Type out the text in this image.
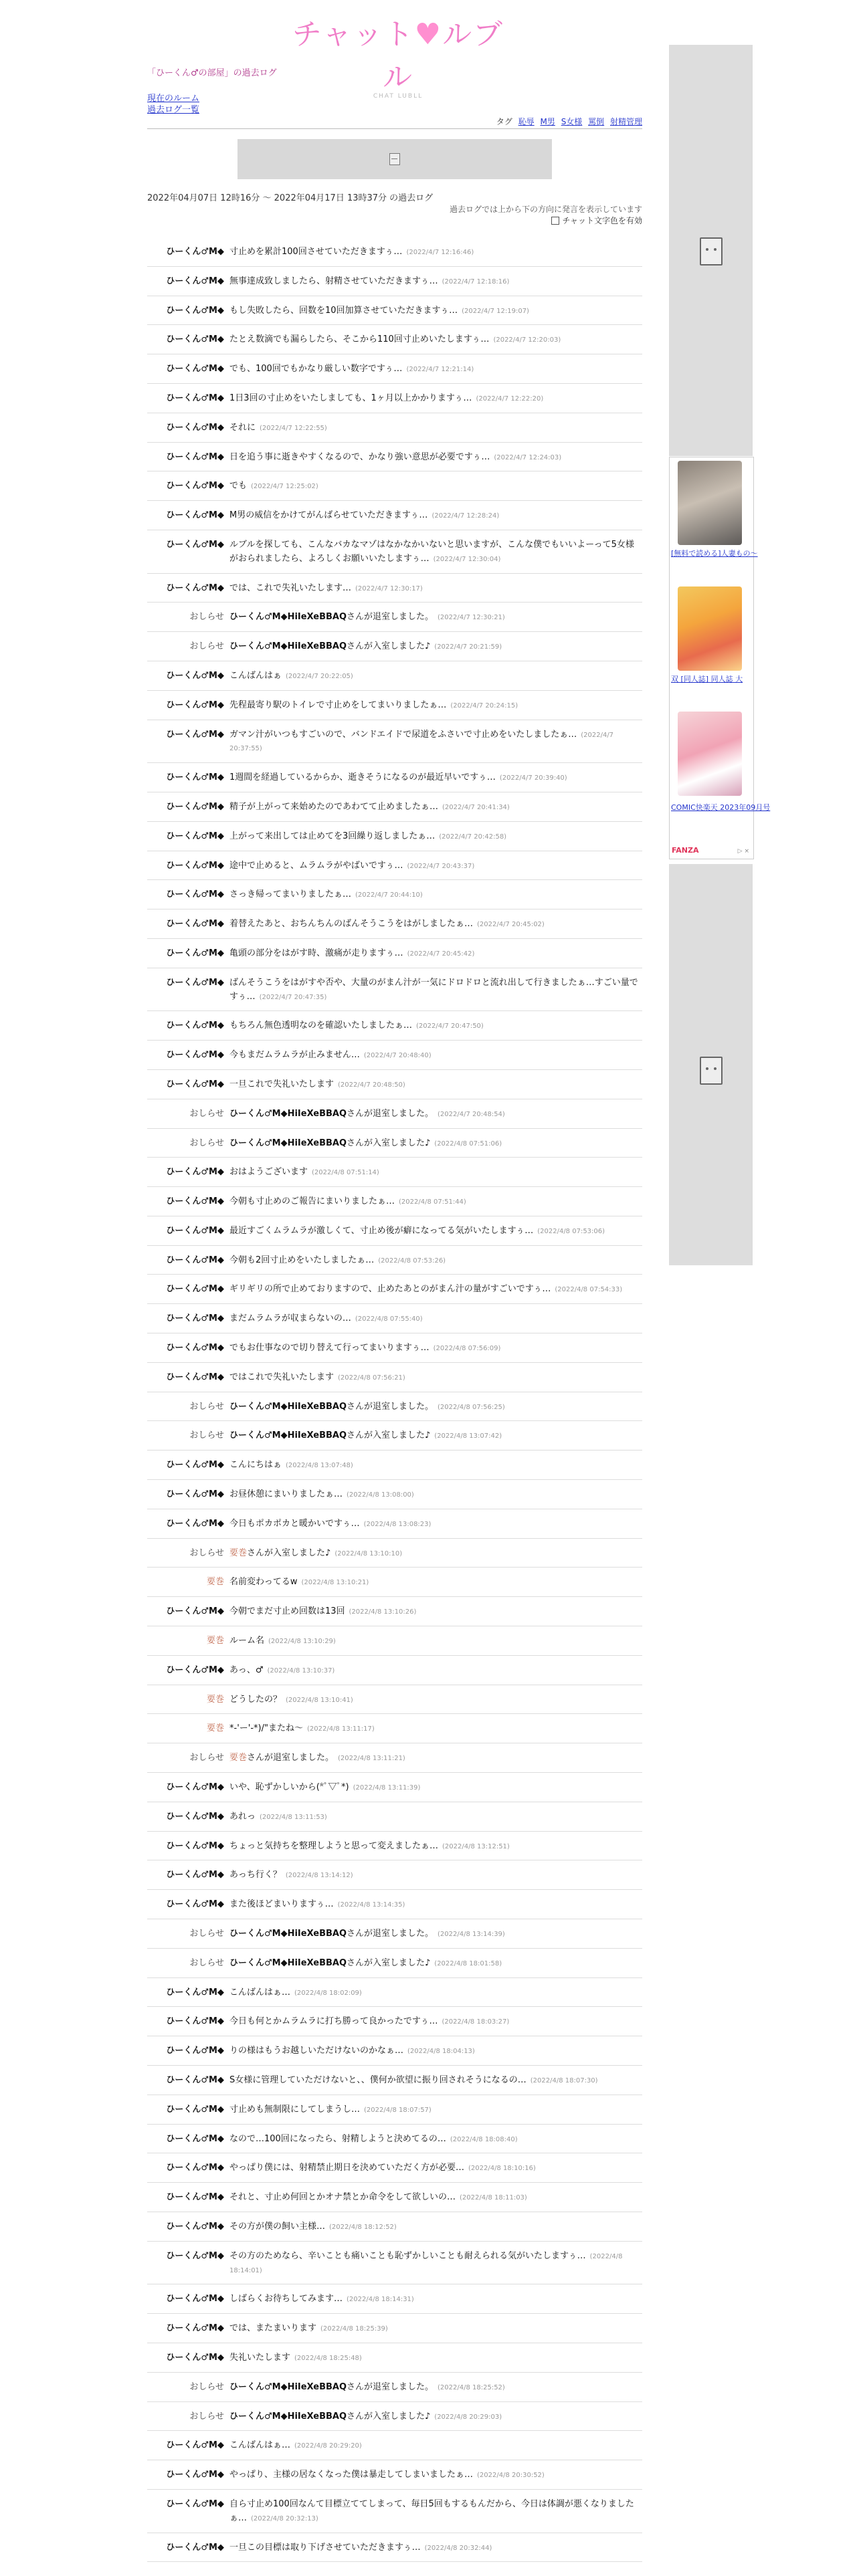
チャット♥ルブル
CHAT LUBLL
「ひーくん♂の部屋」の過去ログ
現在のルーム
過去ログ一覧
タグ 恥辱 M男 S女様 罵倒 射精管理
2022年04月07日 12時16分 ～ 2022年04月17日 13時37分 の過去ログ
過去ログでは上から下の方向に発言を表示しています
チャット文字色を有効
ひーくん♂M◆ 寸止めを累計100回させていただきますぅ… (2022/4/7 12:16:46)
ひーくん♂M◆ 無事達成致しましたら、射精させていただきますぅ… (2022/4/7 12:18:16)
ひーくん♂M◆ もし失敗したら、回数を10回加算させていただきますぅ… (2022/4/7 12:19:07)
ひーくん♂M◆ たとえ数滴でも漏らしたら、そこから110回寸止めいたしますぅ… (2022/4/7 12:20:03)
ひーくん♂M◆ でも、100回でもかなり厳しい数字ですぅ… (2022/4/7 12:21:14)
ひーくん♂M◆ 1日3回の寸止めをいたしましても、1ヶ月以上かかりますぅ… (2022/4/7 12:22:20)
ひーくん♂M◆ それに (2022/4/7 12:22:55)
ひーくん♂M◆ 日を追う事に逝きやすくなるので、かなり強い意思が必要ですぅ… (2022/4/7 12:24:03)
ひーくん♂M◆ でも (2022/4/7 12:25:02)
ひーくん♂M◆ M男の威信をかけてがんばらせていただきますぅ… (2022/4/7 12:28:24)
ひーくん♂M◆ ルブルを探しても、こんなバカなマゾはなかなかいないと思いますが、こんな僕でもいいよーって5女様がおられましたら、よろしくお願いいたしますぅ… (2022/4/7 12:30:04)
ひーくん♂M◆ では、これで失礼いたします… (2022/4/7 12:30:17)
おしらせ ひーくん♂M◆HiIeXeBBAQさんが退室しました。 (2022/4/7 12:30:21)
おしらせ ひーくん♂M◆HiIeXeBBAQさんが入室しました♪ (2022/4/7 20:21:59)
ひーくん♂M◆ こんばんはぁ (2022/4/7 20:22:05)
ひーくん♂M◆ 先程最寄り駅のトイレで寸止めをしてまいりましたぁ… (2022/4/7 20:24:15)
ひーくん♂M◆ ガマン汁がいつもすごいので、バンドエイドで尿道をふさいで寸止めをいたしましたぁ… (2022/4/7 20:37:55)
ひーくん♂M◆ 1週間を経過しているからか、逝きそうになるのが最近早いですぅ… (2022/4/7 20:39:40)
ひーくん♂M◆ 精子が上がって来始めたのであわてて止めましたぁ… (2022/4/7 20:41:34)
ひーくん♂M◆ 上がって来出しては止めてを3回繰り返しましたぁ… (2022/4/7 20:42:58)
ひーくん♂M◆ 途中で止めると、ムラムラがやばいですぅ… (2022/4/7 20:43:37)
ひーくん♂M◆ さっき帰ってまいりましたぁ… (2022/4/7 20:44:10)
ひーくん♂M◆ 着替えたあと、おちんちんのばんそうこうをはがしましたぁ… (2022/4/7 20:45:02)
ひーくん♂M◆ 亀頭の部分をはがす時、激痛が走りますぅ… (2022/4/7 20:45:42)
ひーくん♂M◆ ばんそうこうをはがすや否や、大量のがまん汁が一気にドロドロと流れ出して行きましたぁ…すごい量ですぅ… (2022/4/7 20:47:35)
ひーくん♂M◆ もちろん無色透明なのを確認いたしましたぁ… (2022/4/7 20:47:50)
ひーくん♂M◆ 今もまだムラムラが止みません… (2022/4/7 20:48:40)
ひーくん♂M◆ 一旦これで失礼いたします (2022/4/7 20:48:50)
おしらせ ひーくん♂M◆HiIeXeBBAQさんが退室しました。 (2022/4/7 20:48:54)
おしらせ ひーくん♂M◆HiIeXeBBAQさんが入室しました♪ (2022/4/8 07:51:06)
ひーくん♂M◆ おはようございます (2022/4/8 07:51:14)
ひーくん♂M◆ 今朝も寸止めのご報告にまいりましたぁ… (2022/4/8 07:51:44)
ひーくん♂M◆ 最近すごくムラムラが激しくて、寸止め後が癖になってる気がいたしますぅ… (2022/4/8 07:53:06)
ひーくん♂M◆ 今朝も2回寸止めをいたしましたぁ… (2022/4/8 07:53:26)
ひーくん♂M◆ ギリギリの所で止めておりますので、止めたあとのがまん汁の量がすごいですぅ… (2022/4/8 07:54:33)
ひーくん♂M◆ まだムラムラが収まらないの… (2022/4/8 07:55:40)
ひーくん♂M◆ でもお仕事なので切り替えて行ってまいりますぅ… (2022/4/8 07:56:09)
ひーくん♂M◆ ではこれで失礼いたします (2022/4/8 07:56:21)
おしらせ ひーくん♂M◆HiIeXeBBAQさんが退室しました。 (2022/4/8 07:56:25)
おしらせ ひーくん♂M◆HiIeXeBBAQさんが入室しました♪ (2022/4/8 13:07:42)
ひーくん♂M◆ こんにちはぁ (2022/4/8 13:07:48)
ひーくん♂M◆ お昼休憩にまいりましたぁ… (2022/4/8 13:08:00)
ひーくん♂M◆ 今日もポカポカと暖かいですぅ… (2022/4/8 13:08:23)
おしらせ 要巻さんが入室しました♪ (2022/4/8 13:10:10)
要巻 名前変わってるw (2022/4/8 13:10:21)
ひーくん♂M◆ 今朝でまだ寸止め回数は13回 (2022/4/8 13:10:26)
要巻 ルーム名 (2022/4/8 13:10:29)
ひーくん♂M◆ あっ、♂ (2022/4/8 13:10:37)
要巻 どうしたの？ (2022/4/8 13:10:41)
要巻 *-'ー'-*)/"またね〜 (2022/4/8 13:11:17)
おしらせ 要巻さんが退室しました。 (2022/4/8 13:11:21)
ひーくん♂M◆ いや、恥ずかしいから(*ﾟ▽ﾟ*) (2022/4/8 13:11:39)
ひーくん♂M◆ あれっ (2022/4/8 13:11:53)
ひーくん♂M◆ ちょっと気持ちを整理しようと思って変えましたぁ… (2022/4/8 13:12:51)
ひーくん♂M◆ あっち行く？ (2022/4/8 13:14:12)
ひーくん♂M◆ また後ほどまいりますぅ… (2022/4/8 13:14:35)
おしらせ ひーくん♂M◆HiIeXeBBAQさんが退室しました。 (2022/4/8 13:14:39)
おしらせ ひーくん♂M◆HiIeXeBBAQさんが入室しました♪ (2022/4/8 18:01:58)
ひーくん♂M◆ こんばんはぁ… (2022/4/8 18:02:09)
ひーくん♂M◆ 今日も何とかムラムラに打ち勝って良かったですぅ… (2022/4/8 18:03:27)
ひーくん♂M◆ りの様はもうお越しいただけないのかなぁ… (2022/4/8 18:04:13)
ひーくん♂M◆ S女様に管理していただけないと、、僕何か欲望に振り回されそうになるの… (2022/4/8 18:07:30)
ひーくん♂M◆ 寸止めも無制限にしてしまうし… (2022/4/8 18:07:57)
ひーくん♂M◆ なので…100回になったら、射精しようと決めてるの… (2022/4/8 18:08:40)
ひーくん♂M◆ やっぱり僕には、射精禁止期日を決めていただく方が必要… (2022/4/8 18:10:16)
ひーくん♂M◆ それと、寸止め何回とかオナ禁とか命令をして欲しいの… (2022/4/8 18:11:03)
ひーくん♂M◆ その方が僕の飼い主様… (2022/4/8 18:12:52)
ひーくん♂M◆ その方のためなら、辛いことも痛いことも恥ずかしいことも耐えられる気がいたしますぅ… (2022/4/8 18:14:01)
ひーくん♂M◆ しばらくお待ちしてみます… (2022/4/8 18:14:31)
ひーくん♂M◆ では、またまいります (2022/4/8 18:25:39)
ひーくん♂M◆ 失礼いたします (2022/4/8 18:25:48)
おしらせ ひーくん♂M◆HiIeXeBBAQさんが退室しました。 (2022/4/8 18:25:52)
おしらせ ひーくん♂M◆HiIeXeBBAQさんが入室しました♪ (2022/4/8 20:29:03)
ひーくん♂M◆ こんばんはぁ… (2022/4/8 20:29:20)
ひーくん♂M◆ やっぱり、主様の居なくなった僕は暴走してしまいましたぁ… (2022/4/8 20:30:52)
ひーくん♂M◆ 自ら寸止め100回なんて目標立ててしまって、毎日5回もするもんだから、今日は体調が悪くなりましたぁ… (2022/4/8 20:32:13)
ひーくん♂M◆ 一旦この目標は取り下げさせていただきますぅ… (2022/4/8 20:32:44)
[無料で読める]人妻もの〜
双 [同人誌] 同人誌 大
COMIC快楽天 2023年09月号
FANZA	▷ ×
